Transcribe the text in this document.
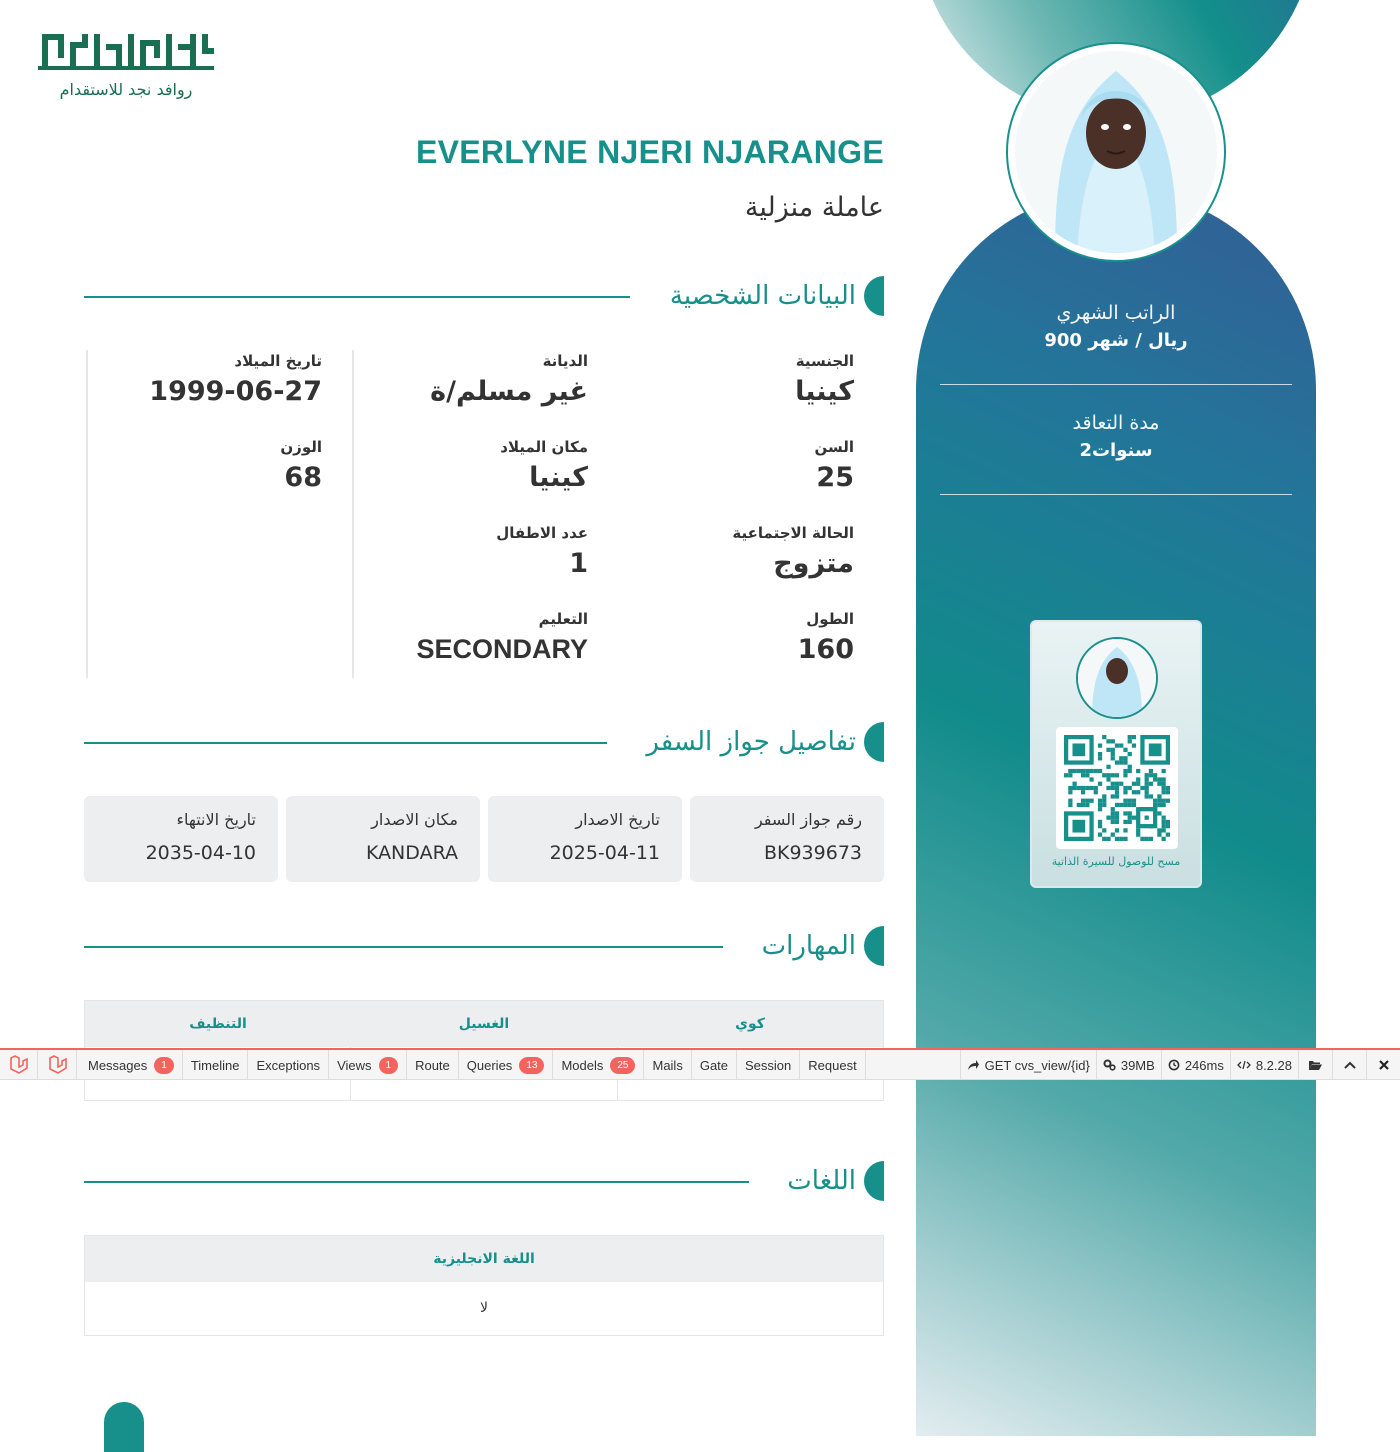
الراتب الشهري
900 ريال / شهر
مدة التعاقد
2سنوات
مسح للوصول للسيرة الذاتية
روافد نجد للاستقدام
EVERLYNE NJERI NJARANGE
عاملة منزلية
البيانات الشخصية
الجنسية
كينيا
السن
25
الحالة الاجتماعية
متزوج
الطول
160
الديانة
غير مسلم/ة
مكان الميلاد
كينيا
عدد الاطفال
1
التعليم
SECONDARY
تاريخ الميلاد
1999-06-27
الوزن
68
تفاصيل جواز السفر
رقم جواز السفر
BK939673
تاريخ الاصدار
2025-04-11
مكان الاصدار
KANDARA
تاريخ الانتهاء
2035-04-10
المهارات
كوي
الغسيل
التنظيف
اللغات
اللغة الانجليزية
لا
Messages	1	Timeline Exceptions Views	1	Route Queries	13	Models	25	Mails Gate Session Request	GET cvs_view/{id} 39MB 246ms 8.2.28
